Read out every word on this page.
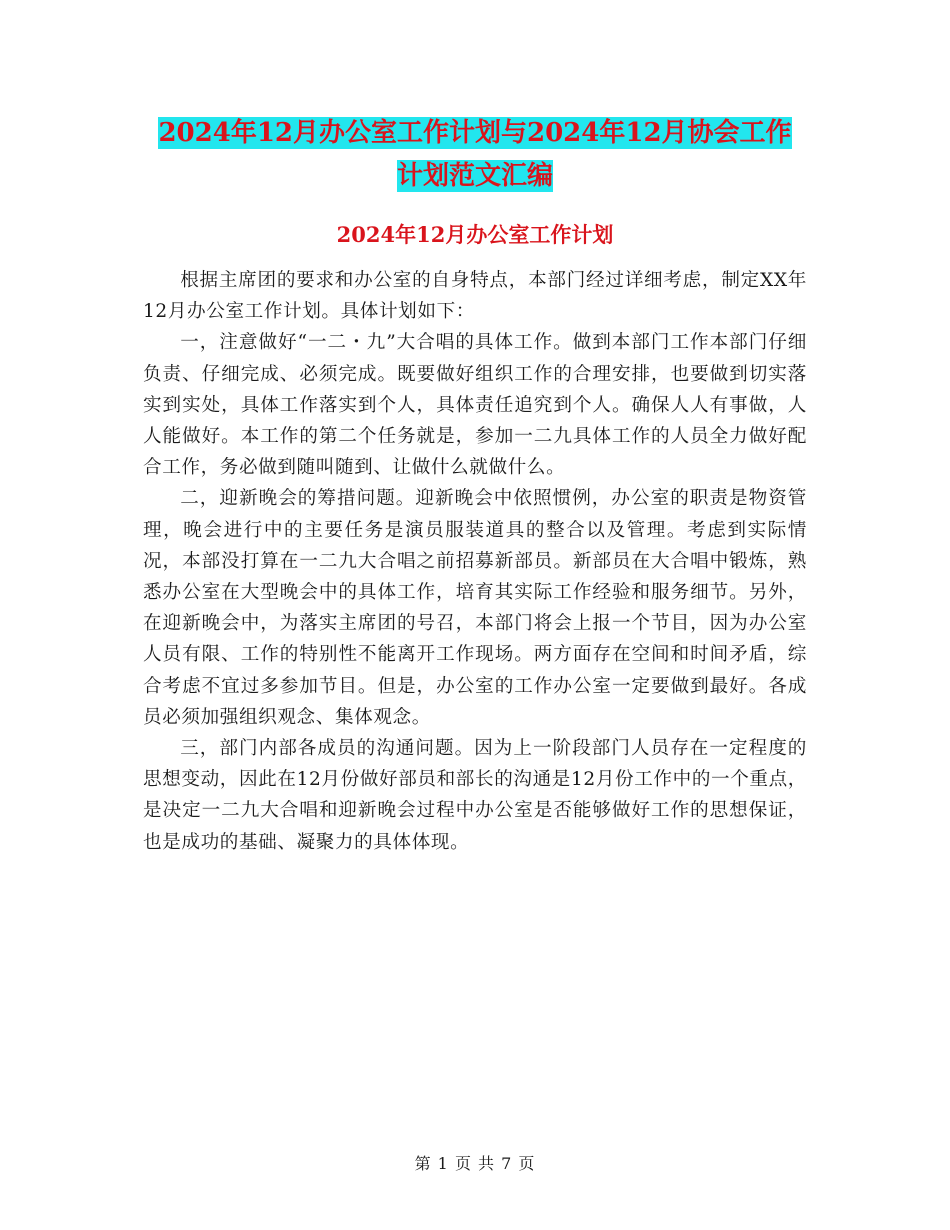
2024年12月办公室工作计划与2024年12月协会工作
计划范文汇编
2024年12月办公室工作计划

根据主席团的要求和办公室的自身特点，本部门经过详细考虑，制定XX年12月办公室工作计划。具体计划如下：

一，注意做好“一二・九”大合唱的具体工作。做到本部门工作本部门仔细负责、仔细完成、必须完成。既要做好组织工作的合理安排，也要做到切实落实到实处，具体工作落实到个人，具体责任追究到个人。确保人人有事做，人人能做好。本工作的第二个任务就是，参加一二九具体工作的人员全力做好配合工作，务必做到随叫随到、让做什么就做什么。

二，迎新晚会的筹措问题。迎新晚会中依照惯例，办公室的职责是物资管理，晚会进行中的主要任务是演员服装道具的整合以及管理。考虑到实际情况，本部没打算在一二九大合唱之前招募新部员。新部员在大合唱中锻炼，熟悉办公室在大型晚会中的具体工作，培育其实际工作经验和服务细节。另外，在迎新晚会中，为落实主席团的号召，本部门将会上报一个节目，因为办公室人员有限、工作的特别性不能离开工作现场。两方面存在空间和时间矛盾，综合考虑不宜过多参加节目。但是，办公室的工作办公室一定要做到最好。各成员必须加强组织观念、集体观念。

三，部门内部各成员的沟通问题。因为上一阶段部门人员存在一定程度的思想变动，因此在12月份做好部员和部长的沟通是12月份工作中的一个重点，是决定一二九大合唱和迎新晚会过程中办公室是否能够做好工作的思想保证，也是成功的基础、凝聚力的具体体现。

第 1 页 共 7 页
